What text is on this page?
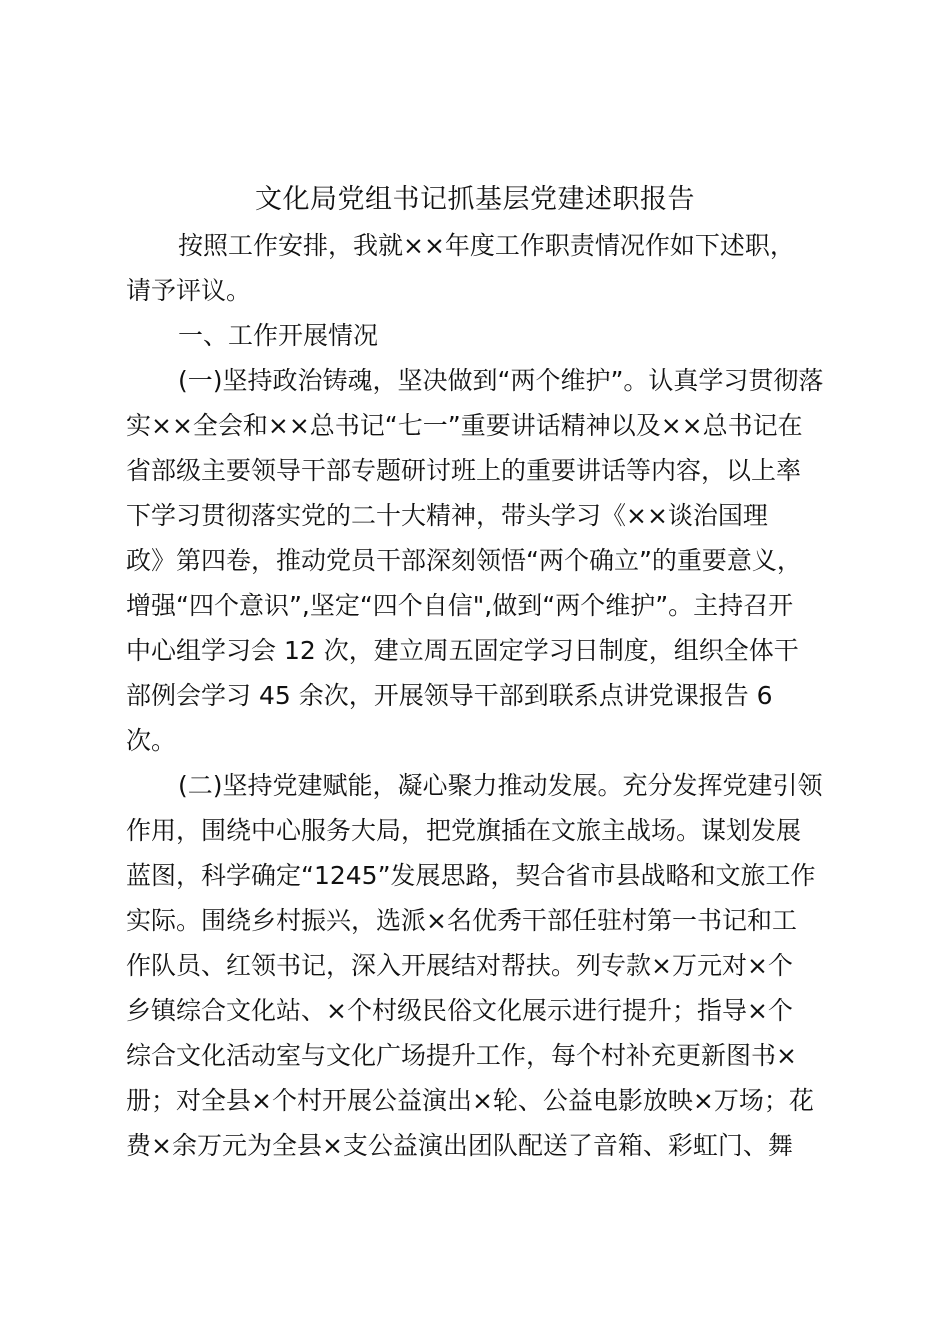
文化局党组书记抓基层党建述职报告
按照工作安排，我就××年度工作职责情况作如下述职，
请予评议。
一、工作开展情况
(一)坚持政治铸魂，坚决做到“两个维护”。认真学习贯彻落
实××全会和××总书记“七一”重要讲话精神以及××总书记在
省部级主要领导干部专题研讨班上的重要讲话等内容，以上率
下学习贯彻落实党的二十大精神，带头学习《××谈治国理
政》第四卷，推动党员干部深刻领悟“两个确立”的重要意义，
增强“四个意识”,坚定“四个自信",做到“两个维护”。主持召开
中心组学习会 12 次，建立周五固定学习日制度，组织全体干
部例会学习 45 余次，开展领导干部到联系点讲党课报告 6
次。
(二)坚持党建赋能，凝心聚力推动发展。充分发挥党建引领
作用，围绕中心服务大局，把党旗插在文旅主战场。谋划发展
蓝图，科学确定“1245”发展思路，契合省市县战略和文旅工作
实际。围绕乡村振兴，选派×名优秀干部任驻村第一书记和工
作队员、红领书记，深入开展结对帮扶。列专款×万元对×个
乡镇综合文化站、×个村级民俗文化展示进行提升；指导×个
综合文化活动室与文化广场提升工作，每个村补充更新图书×
册；对全县×个村开展公益演出×轮、公益电影放映×万场；花
费×余万元为全县×支公益演出团队配送了音箱、彩虹门、舞
